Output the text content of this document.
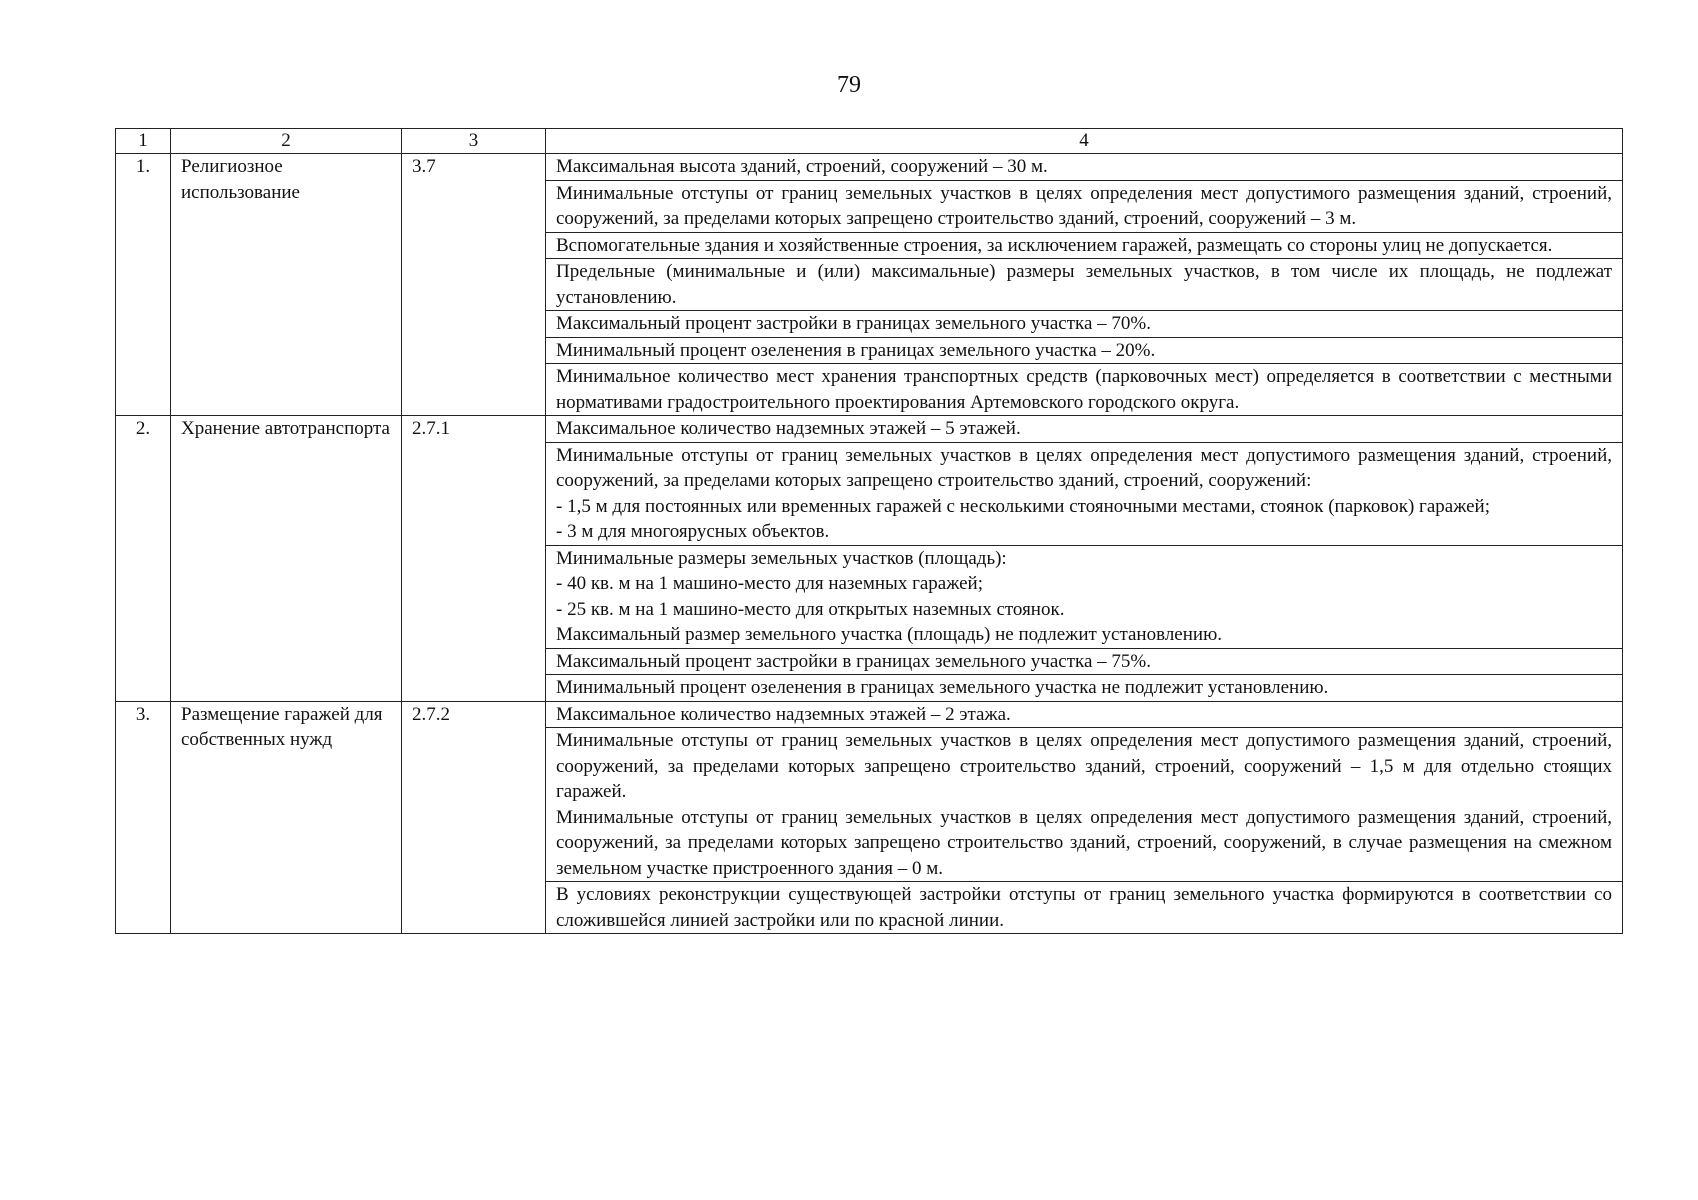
79
1	2	3	4
1.	Религиозное использование	3.7	Максимальная высота зданий, строений, сооружений – 30 м.
			Минимальные отступы от границ земельных участков в целях определения мест допустимого размещения зданий, строений, сооружений, за пределами которых запрещено строительство зданий, строений, сооружений – 3 м.
			Вспомогательные здания и хозяйственные строения, за исключением гаражей, размещать со стороны улиц не допускается.
			Предельные (минимальные и (или) максимальные) размеры земельных участков, в том числе их площадь, не подлежат установлению.
			Максимальный процент застройки в границах земельного участка – 70%.
			Минимальный процент озеленения в границах земельного участка – 20%.
			Минимальное количество мест хранения транспортных средств (парковочных мест) определяется в соответствии с местными нормативами градостроительного проектирования Артемовского городского округа.
2.	Хранение автотранспорта	2.7.1	Максимальное количество надземных этажей – 5 этажей.

			Минимальные отступы от границ земельных участков в целях определения мест допустимого размещения зданий, строений, сооружений, за пределами которых запрещено строительство зданий, строений, сооружений:
- 1,5 м для постоянных или временных гаражей с несколькими стояночными местами, стоянок (парковок) гаражей;
- 3 м для многоярусных объектов.

			Минимальные размеры земельных участков (площадь):
- 40 кв. м на 1 машино-место для наземных гаражей;
- 25 кв. м на 1 машино-место для открытых наземных стоянок.
Максимальный размер земельного участка (площадь) не подлежит установлению.

			Максимальный процент застройки в границах земельного участка – 75%.
			Минимальный процент озеленения в границах земельного участка не подлежит установлению.
3.	Размещение гаражей для собственных нужд	2.7.2	Максимальное количество надземных этажей – 2 этажа.

			Минимальные отступы от границ земельных участков в целях определения мест допустимого размещения зданий, строений, сооружений, за пределами которых запрещено строительство зданий, строений, сооружений – 1,5 м для отдельно стоящих гаражей.
Минимальные отступы от границ земельных участков в целях определения мест допустимого размещения зданий, строений, сооружений, за пределами которых запрещено строительство зданий, строений, сооружений, в случае размещения на смежном земельном участке пристроенного здания – 0 м.

			В условиях реконструкции существующей застройки отступы от границ земельного участка формируются в соответствии со сложившейся линией застройки или по красной линии.
